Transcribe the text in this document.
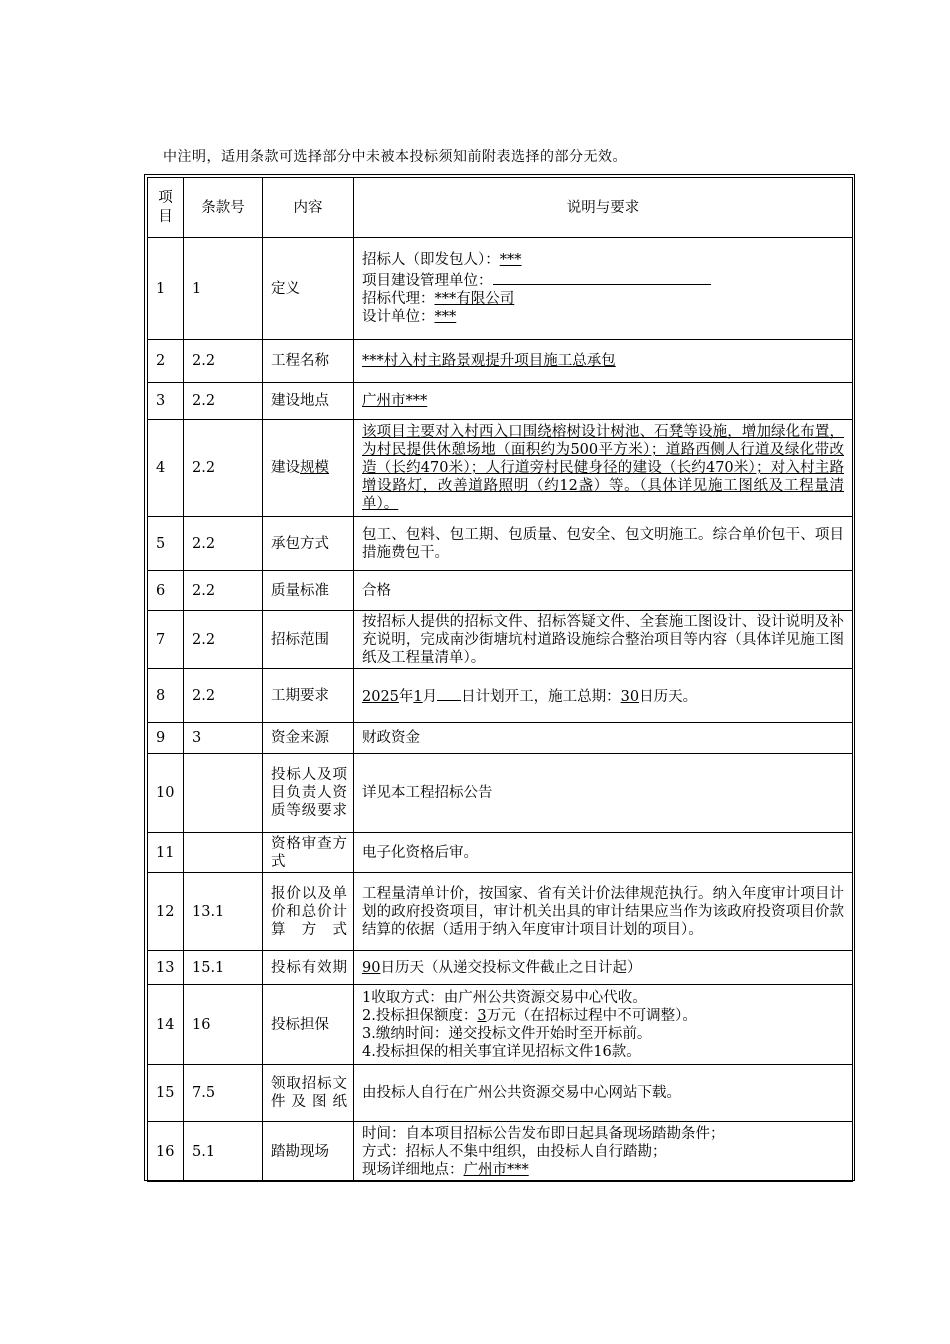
中注明，适用条款可选择部分中未被本投标须知前附表选择的部分无效。
项目	条款号	内容	说明与要求
1	1	定义	招标人（即发包人）：***
项目建设管理单位：
招标代理：***有限公司
设计单位：***

2	2.2	工程名称	***村入村主路景观提升项目施工总承包
3	2.2	建设地点	广州市***
4	2.2	建设规模	该项目主要对入村西入口围绕榕树设计树池、石凳等设施，增加绿化布置，为村民提供休憩场地（面积约为500平方米）；道路西侧人行道及绿化带改造（长约470米）；人行道旁村民健身径的建设（长约470米）；对入村主路增设路灯，改善道路照明（约12盏）等。（具体详见施工图纸及工程量清单）。
5	2.2	承包方式	包工、包料、包工期、包质量、包安全、包文明施工。综合单价包干、项目措施费包干。
6	2.2	质量标准	合格
7	2.2	招标范围	按招标人提供的招标文件、招标答疑文件、全套施工图设计、设计说明及补充说明，完成南沙街塘坑村道路设施综合整治项目等内容（具体详见施工图纸及工程量清单）。
8	2.2	工期要求	2025年1月 日计划开工，施工总期：30日历天。
9	3	资金来源	财政资金
10		投标人及项目负责人资质等级要求	详见本工程招标公告
11		资格审查方式	电子化资格后审。
12	13.1	报价以及单价和总价计算方式	工程量清单计价，按国家、省有关计价法律规范执行。纳入年度审计项目计划的政府投资项目，审计机关出具的审计结果应当作为该政府投资项目价款结算的依据（适用于纳入年度审计项目计划的项目）。
13	15.1	投标有效期	90日历天（从递交投标文件截止之日计起）
14	16	投标担保	1收取方式：由广州公共资源交易中心代收。
2.投标担保额度：3万元（在招标过程中不可调整）。
3.缴纳时间：递交投标文件开始时至开标前。
4.投标担保的相关事宜详见招标文件16款。

15	7.5	领取招标文件及图纸	由投标人自行在广州公共资源交易中心网站下载。
16	5.1	踏勘现场	时间：自本项目招标公告发布即日起具备现场踏勘条件；
方式：招标人不集中组织，由投标人自行踏勘；
现场详细地点：广州市***
